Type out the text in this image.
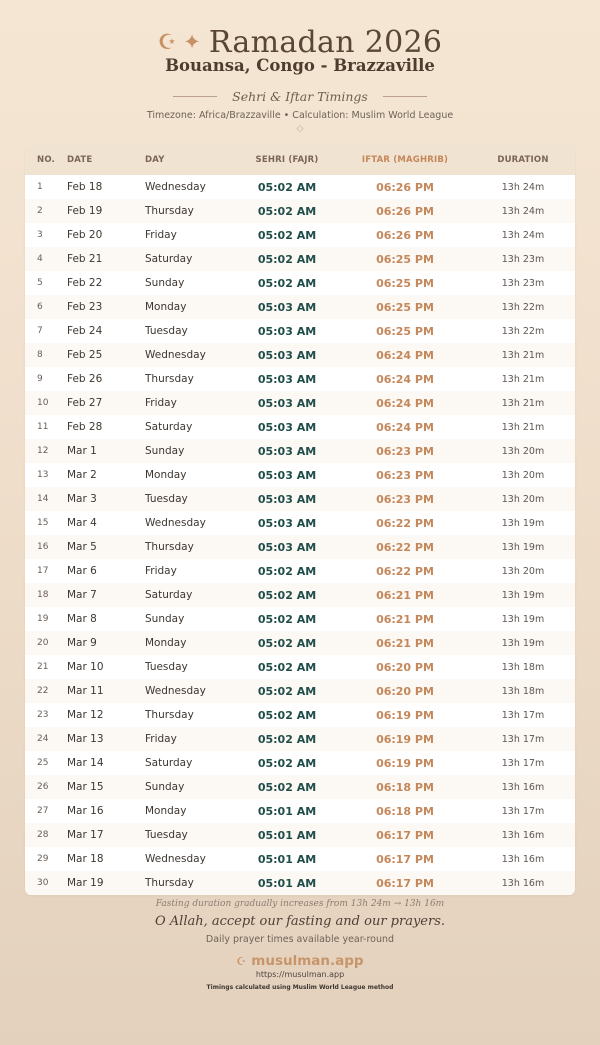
☪ ✦ Ramadan 2026
Bouansa, Congo - Brazzaville
Sehri & Iftar Timings
Timezone: Africa/Brazzaville • Calculation: Muslim World League
◇
NO.	DATE	DAY	SEHRI (FAJR)	IFTAR (MAGHRIB)	DURATION
1	Feb 18	Wednesday	05:02 AM	06:26 PM	13h 24m
2	Feb 19	Thursday	05:02 AM	06:26 PM	13h 24m
3	Feb 20	Friday	05:02 AM	06:26 PM	13h 24m
4	Feb 21	Saturday	05:02 AM	06:25 PM	13h 23m
5	Feb 22	Sunday	05:02 AM	06:25 PM	13h 23m
6	Feb 23	Monday	05:03 AM	06:25 PM	13h 22m
7	Feb 24	Tuesday	05:03 AM	06:25 PM	13h 22m
8	Feb 25	Wednesday	05:03 AM	06:24 PM	13h 21m
9	Feb 26	Thursday	05:03 AM	06:24 PM	13h 21m
10	Feb 27	Friday	05:03 AM	06:24 PM	13h 21m
11	Feb 28	Saturday	05:03 AM	06:24 PM	13h 21m
12	Mar 1	Sunday	05:03 AM	06:23 PM	13h 20m
13	Mar 2	Monday	05:03 AM	06:23 PM	13h 20m
14	Mar 3	Tuesday	05:03 AM	06:23 PM	13h 20m
15	Mar 4	Wednesday	05:03 AM	06:22 PM	13h 19m
16	Mar 5	Thursday	05:03 AM	06:22 PM	13h 19m
17	Mar 6	Friday	05:02 AM	06:22 PM	13h 20m
18	Mar 7	Saturday	05:02 AM	06:21 PM	13h 19m
19	Mar 8	Sunday	05:02 AM	06:21 PM	13h 19m
20	Mar 9	Monday	05:02 AM	06:21 PM	13h 19m
21	Mar 10	Tuesday	05:02 AM	06:20 PM	13h 18m
22	Mar 11	Wednesday	05:02 AM	06:20 PM	13h 18m
23	Mar 12	Thursday	05:02 AM	06:19 PM	13h 17m
24	Mar 13	Friday	05:02 AM	06:19 PM	13h 17m
25	Mar 14	Saturday	05:02 AM	06:19 PM	13h 17m
26	Mar 15	Sunday	05:02 AM	06:18 PM	13h 16m
27	Mar 16	Monday	05:01 AM	06:18 PM	13h 17m
28	Mar 17	Tuesday	05:01 AM	06:17 PM	13h 16m
29	Mar 18	Wednesday	05:01 AM	06:17 PM	13h 16m
30	Mar 19	Thursday	05:01 AM	06:17 PM	13h 16m
Fasting duration gradually increases from 13h 24m → 13h 16m
O Allah, accept our fasting and our prayers.
Daily prayer times available year-round
☪ musulman.app
https://musulman.app
Timings calculated using Muslim World League method
